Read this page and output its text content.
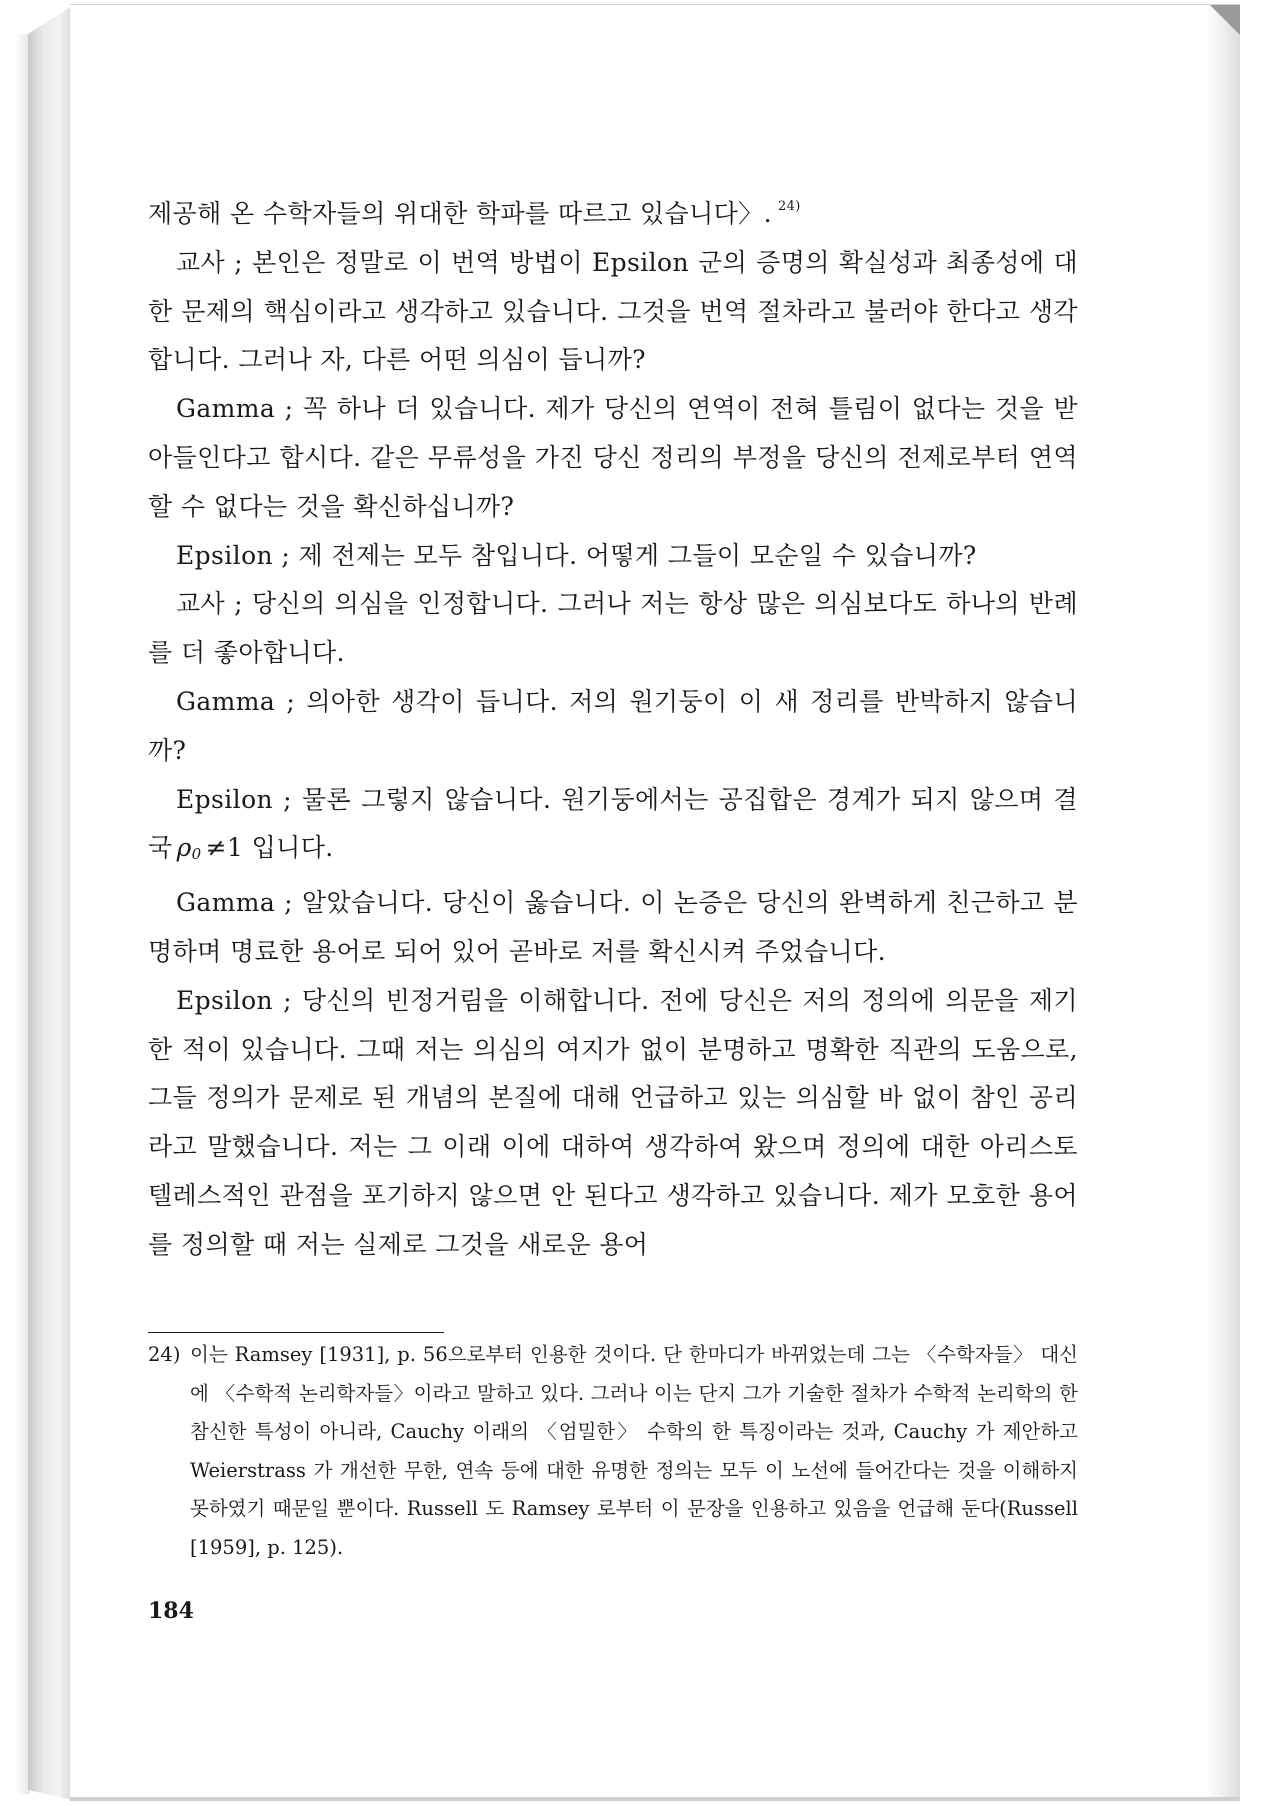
제공해 온 수학자들의 위대한 학파를 따르고 있습니다〉. $^{24)}$

교사 ; 본인은 정말로 이 번역 방법이 Epsilon 군의 증명의 확실성과 최종성에 대한 문제의 핵심이라고 생각하고 있습니다. 그것을 번역 절차라고 불러야 한다고 생각합니다. 그러나 자, 다른 어떤 의심이 듭니까?

Gamma ; 꼭 하나 더 있습니다. 제가 당신의 연역이 전혀 틀림이 없다는 것을 받아들인다고 합시다. 같은 무류성을 가진 당신 정리의 부정을 당신의 전제로부터 연역할 수 없다는 것을 확신하십니까?

Epsilon ; 제 전제는 모두 참입니다. 어떻게 그들이 모순일 수 있습니까?

교사 ; 당신의 의심을 인정합니다. 그러나 저는 항상 많은 의심보다도 하나의 반례를 더 좋아합니다.

Gamma ; 의아한 생각이 듭니다. 저의 원기둥이 이 새 정리를 반박하지 않습니까?

Epsilon ; 물론 그렇지 않습니다. 원기둥에서는 공집합은 경계가 되지 않으며 결국 $\rho_0 \ne 1$ 입니다.

Gamma ; 알았습니다. 당신이 옳습니다. 이 논증은 당신의 완벽하게 친근하고 분명하며 명료한 용어로 되어 있어 곧바로 저를 확신시켜 주었습니다.

Epsilon ; 당신의 빈정거림을 이해합니다. 전에 당신은 저의 정의에 의문을 제기한 적이 있습니다. 그때 저는 의심의 여지가 없이 분명하고 명확한 직관의 도움으로, 그들 정의가 문제로 된 개념의 본질에 대해 언급하고 있는 의심할 바 없이 참인 공리라고 말했습니다. 저는 그 이래 이에 대하여 생각하여 왔으며 정의에 대한 아리스토텔레스적인 관점을 포기하지 않으면 안 된다고 생각하고 있습니다. 제가 모호한 용어를 정의할 때 저는 실제로 그것을 새로운 용어

24) 이는 Ramsey [1931], p. 56으로부터 인용한 것이다. 단 한마디가 바뀌었는데 그는 〈수학자들〉 대신에 〈수학적 논리학자들〉이라고 말하고 있다. 그러나 이는 단지 그가 기술한 절차가 수학적 논리학의 한 참신한 특성이 아니라, Cauchy 이래의 〈엄밀한〉 수학의 한 특징이라는 것과, Cauchy 가 제안하고 Weierstrass 가 개선한 무한, 연속 등에 대한 유명한 정의는 모두 이 노선에 들어간다는 것을 이해하지 못하였기 때문일 뿐이다. Russell 도 Ramsey 로부터 이 문장을 인용하고 있음을 언급해 둔다(Russell [1959], p. 125).
184
